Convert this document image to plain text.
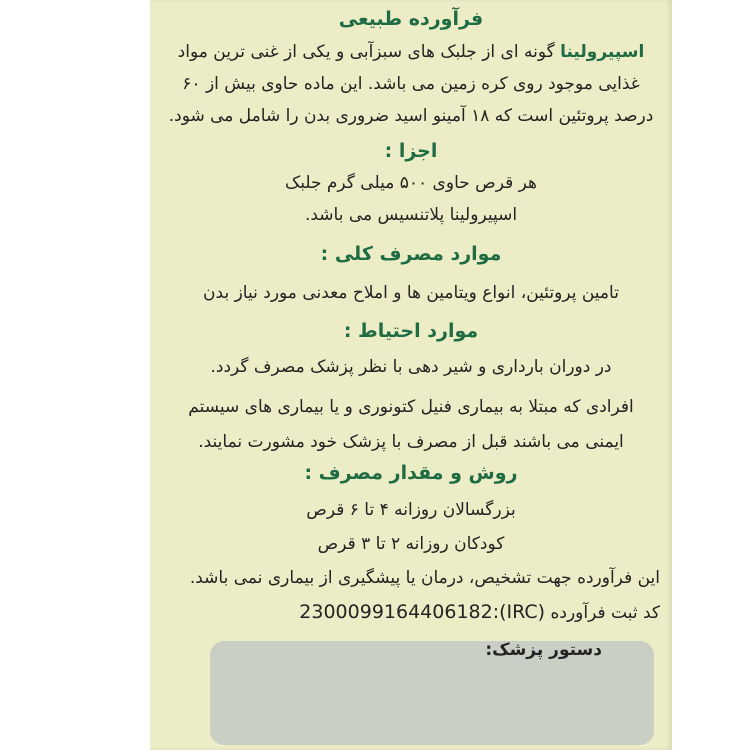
فرآورده طبیعی
اسپیرولینا گونه ای از جلبک های سبزآبی و یکی از غنی ترین مواد
غذایی موجود روی کره زمین می باشد. این ماده حاوی بیش از ۶۰
درصد پروتئین است که ۱۸ آمینو اسید ضروری بدن را شامل می شود.
اجزا :
هر قرص حاوی ۵۰۰ میلی گرم جلبک
اسپیرولینا پلاتنسیس می باشد.
موارد مصرف کلی :
تامین پروتئین، انواع ویتامین ها و املاح معدنی مورد نیاز بدن
موارد احتیاط :
در دوران بارداری و شیر دهی با نظر پزشک مصرف گردد.
افرادی که مبتلا به بیماری فنیل کتونوری و یا بیماری های سیستم
ایمنی می باشند قبل از مصرف با پزشک خود مشورت نمایند.
روش و مقدار مصرف :
بزرگسالان روزانه ۴ تا ۶ قرص
کودکان روزانه ۲ تا ۳ قرص
این فرآورده جهت تشخیص، درمان یا پیشگیری از بیماری نمی باشد.
کد ثبت فرآورده 2300099164406182:(IRC)
دستور پزشک:
